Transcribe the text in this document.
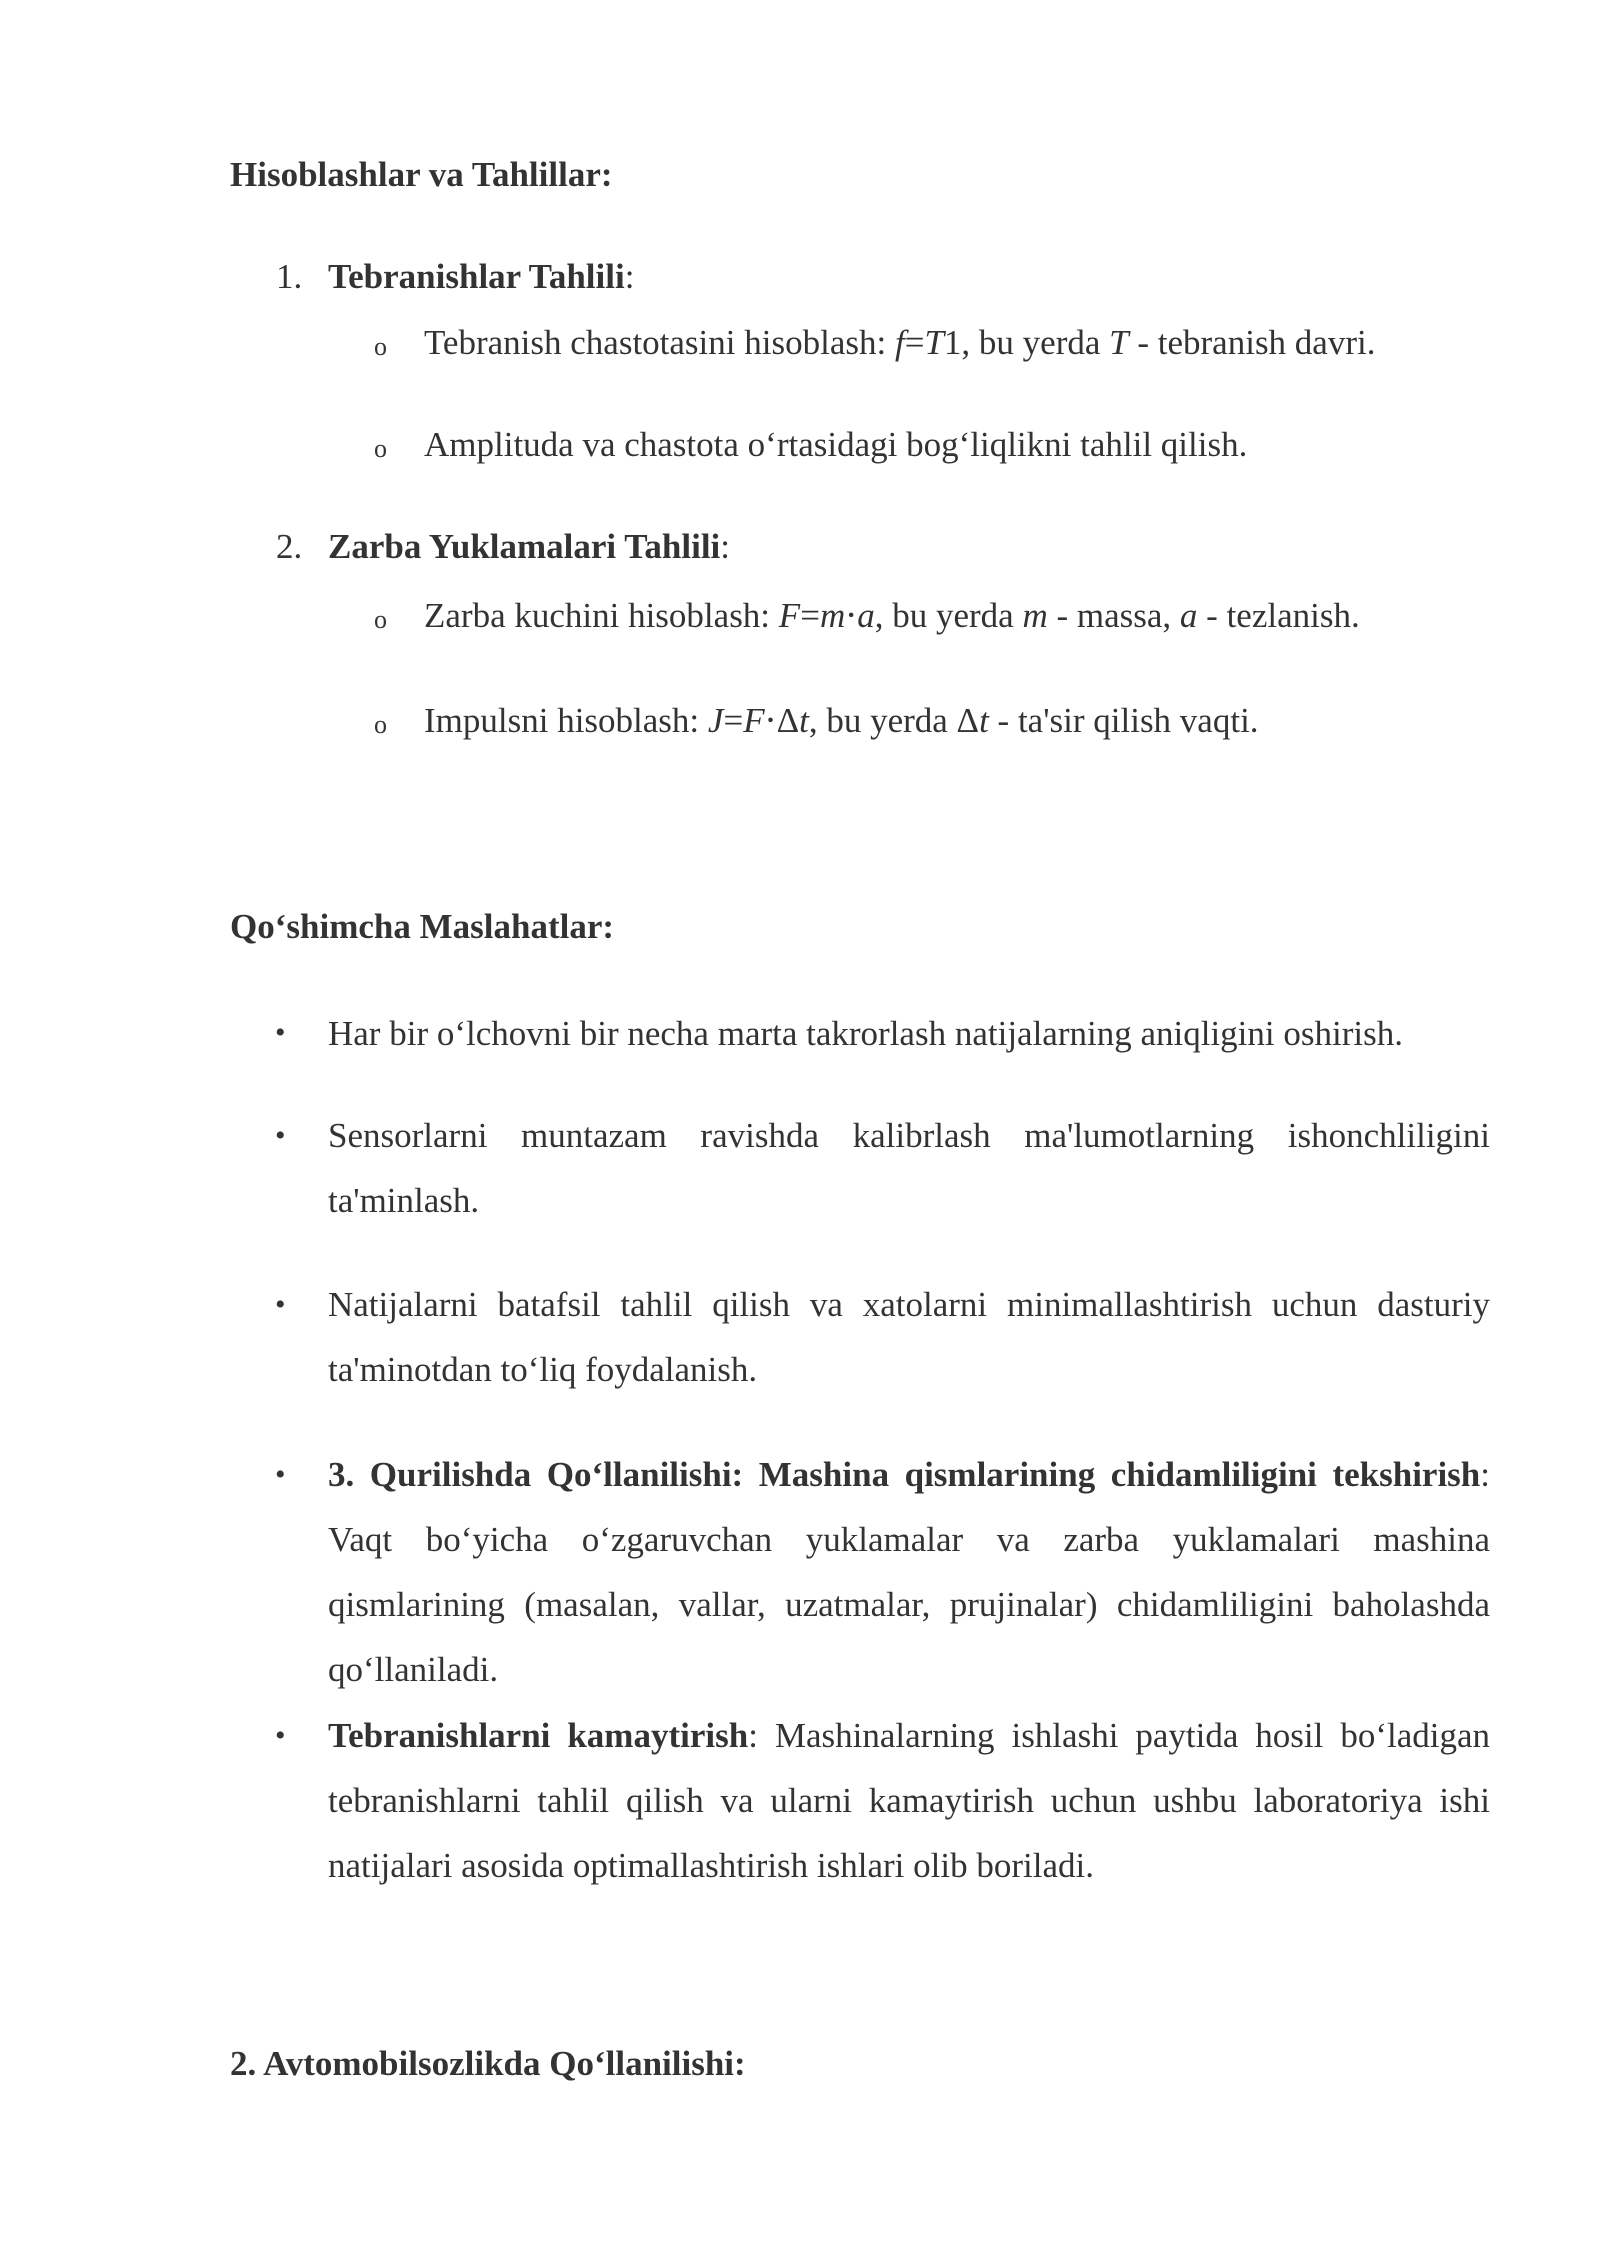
Hisoblashlar va Tahlillar:
1. Tebranishlar Tahlili:
o Tebranish chastotasini hisoblash: f=T1, bu yerda T - tebranish davri.
o Amplituda va chastota o‘rtasidagi bog‘liqlikni tahlil qilish.
2. Zarba Yuklamalari Tahlili:
o Zarba kuchini hisoblash: F=m⋅a, bu yerda m - massa, a - tezlanish.
o Impulsni hisoblash: J=F⋅Δt, bu yerda Δt - ta'sir qilish vaqti.
Qo‘shimcha Maslahatlar:
• Har bir o‘lchovni bir necha marta takrorlash natijalarning aniqligini oshirish.
• Sensorlarni muntazam ravishda kalibrlash ma'lumotlarning ishonchliligini ta'minlash.
• Natijalarni batafsil tahlil qilish va xatolarni minimallashtirish uchun dasturiy ta'minotdan to‘liq foydalanish.
• 3. Qurilishda Qo‘llanilishi: Mashina qismlarining chidamliligini tekshirish: Vaqt bo‘yicha o‘zgaruvchan yuklamalar va zarba yuklamalari mashina qismlarining (masalan, vallar, uzatmalar, prujinalar) chidamliligini baholashda qo‘llaniladi.
• Tebranishlarni kamaytirish: Mashinalarning ishlashi paytida hosil bo‘ladigan tebranishlarni tahlil qilish va ularni kamaytirish uchun ushbu laboratoriya ishi natijalari asosida optimallashtirish ishlari olib boriladi.
2. Avtomobilsozlikda Qo‘llanilishi:
